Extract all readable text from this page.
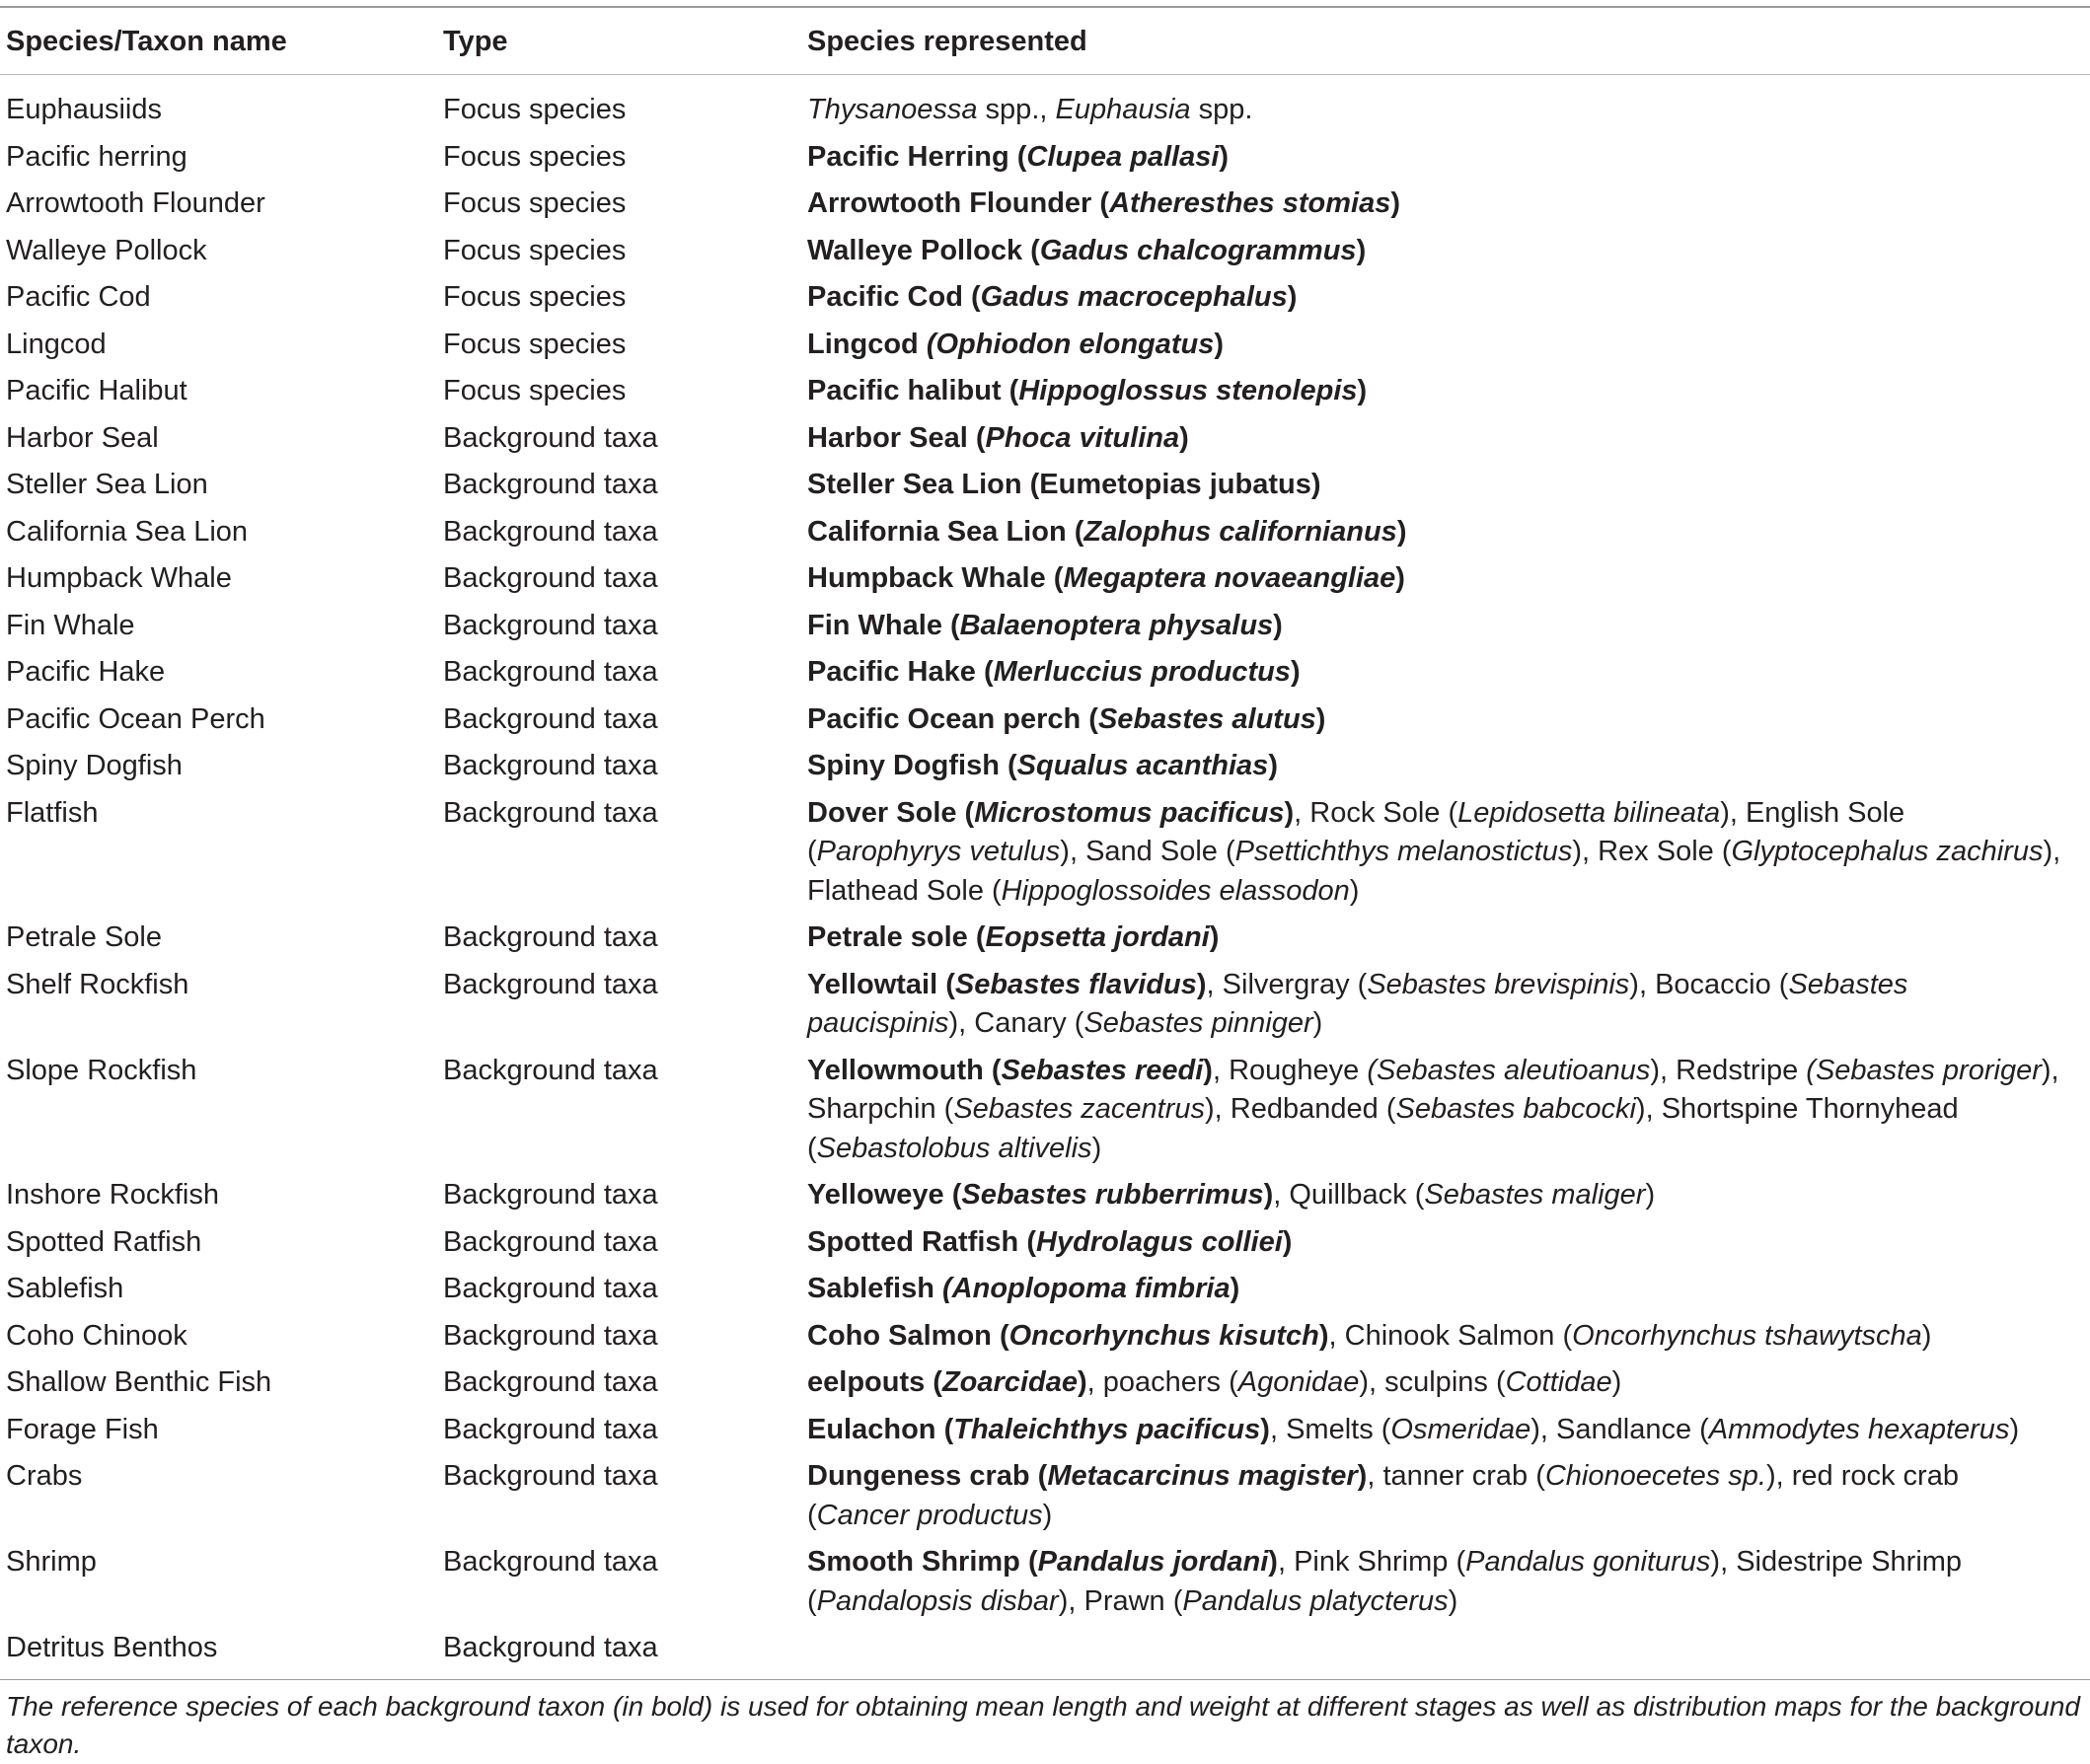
Species/Taxon name	Type	Species represented
Euphausiids	Focus species	Thysanoessa spp., Euphausia spp.
Pacific herring	Focus species	Pacific Herring (Clupea pallasi)
Arrowtooth Flounder	Focus species	Arrowtooth Flounder (Atheresthes stomias)
Walleye Pollock	Focus species	Walleye Pollock (Gadus chalcogrammus)
Pacific Cod	Focus species	Pacific Cod (Gadus macrocephalus)
Lingcod	Focus species	Lingcod (Ophiodon elongatus)
Pacific Halibut	Focus species	Pacific halibut (Hippoglossus stenolepis)
Harbor Seal	Background taxa	Harbor Seal (Phoca vitulina)
Steller Sea Lion	Background taxa	Steller Sea Lion (Eumetopias jubatus)
California Sea Lion	Background taxa	California Sea Lion (Zalophus californianus)
Humpback Whale	Background taxa	Humpback Whale (Megaptera novaeangliae)
Fin Whale	Background taxa	Fin Whale (Balaenoptera physalus)
Pacific Hake	Background taxa	Pacific Hake (Merluccius productus)
Pacific Ocean Perch	Background taxa	Pacific Ocean perch (Sebastes alutus)
Spiny Dogfish	Background taxa	Spiny Dogfish (Squalus acanthias)
Flatfish	Background taxa	Dover Sole (Microstomus pacificus), Rock Sole (Lepidosetta bilineata), English Sole (Parophyrys vetulus), Sand Sole (Psettichthys melanostictus), Rex Sole (Glyptocephalus zachirus), Flathead Sole (Hippoglossoides elassodon)
Petrale Sole	Background taxa	Petrale sole (Eopsetta jordani)
Shelf Rockfish	Background taxa	Yellowtail (Sebastes flavidus), Silvergray (Sebastes brevispinis), Bocaccio (Sebastes paucispinis), Canary (Sebastes pinniger)
Slope Rockfish	Background taxa	Yellowmouth (Sebastes reedi), Rougheye (Sebastes aleutioanus), Redstripe (Sebastes proriger), Sharpchin (Sebastes zacentrus), Redbanded (Sebastes babcocki), Shortspine Thornyhead (Sebastolobus altivelis)
Inshore Rockfish	Background taxa	Yelloweye (Sebastes rubberrimus), Quillback (Sebastes maliger)
Spotted Ratfish	Background taxa	Spotted Ratfish (Hydrolagus colliei)
Sablefish	Background taxa	Sablefish (Anoplopoma fimbria)
Coho Chinook	Background taxa	Coho Salmon (Oncorhynchus kisutch), Chinook Salmon (Oncorhynchus tshawytscha)
Shallow Benthic Fish	Background taxa	eelpouts (Zoarcidae), poachers (Agonidae), sculpins (Cottidae)
Forage Fish	Background taxa	Eulachon (Thaleichthys pacificus), Smelts (Osmeridae), Sandlance (Ammodytes hexapterus)
Crabs	Background taxa	Dungeness crab (Metacarcinus magister), tanner crab (Chionoecetes sp.), red rock crab (Cancer productus)
Shrimp	Background taxa	Smooth Shrimp (Pandalus jordani), Pink Shrimp (Pandalus goniturus), Sidestripe Shrimp (Pandalopsis disbar), Prawn (Pandalus platycterus)
Detritus Benthos	Background taxa
The reference species of each background taxon (in bold) is used for obtaining mean length and weight at different stages as well as distribution maps for the background taxon.
